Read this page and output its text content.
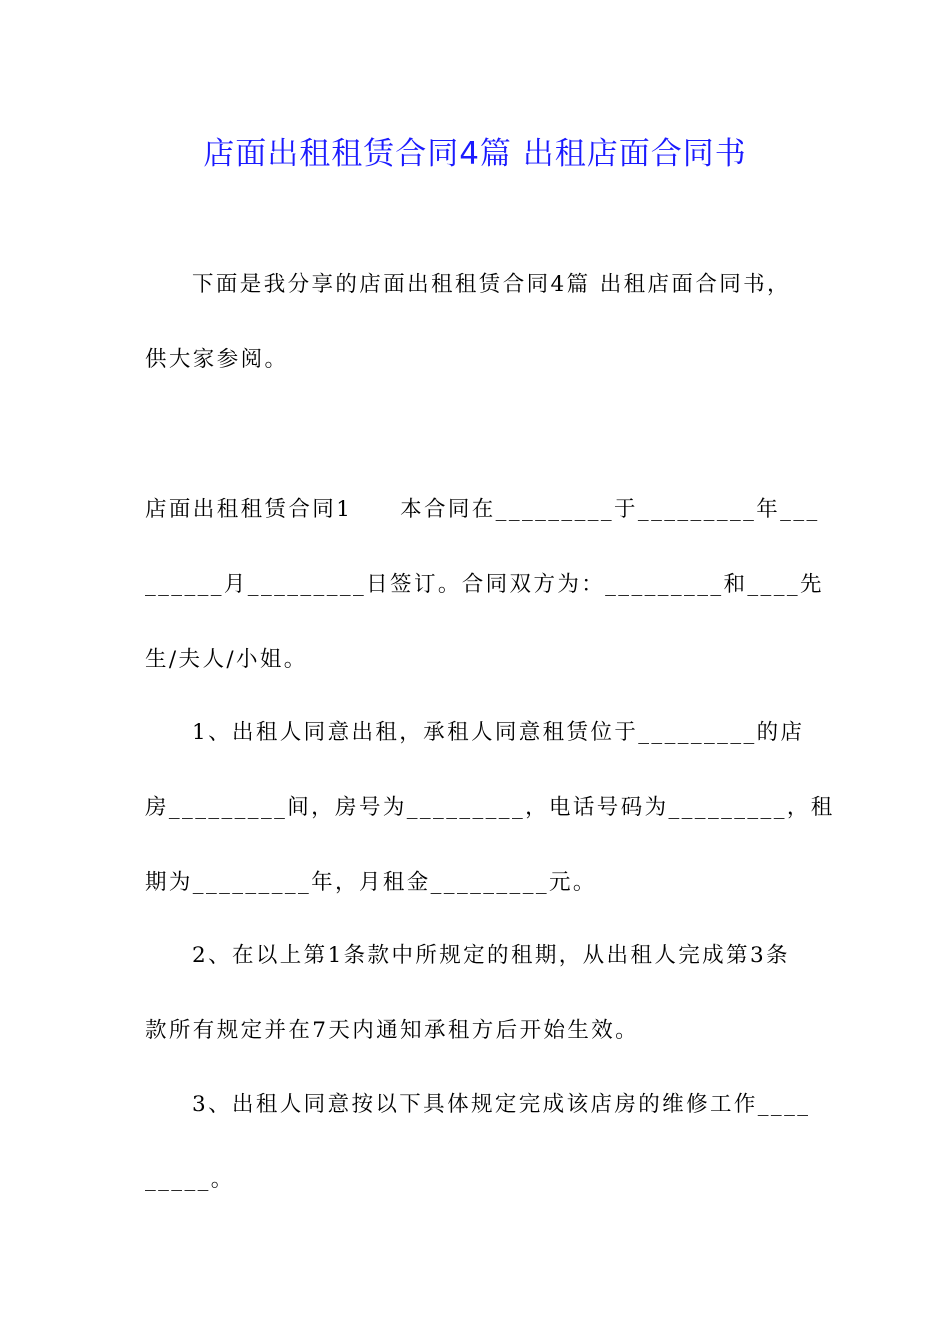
店面出租租赁合同4篇 出租店面合同书
下面是我分享的店面出租租赁合同4篇 出租店面合同书，
供大家参阅。
店面出租租赁合同1　　本合同在_________于_________年___
______月_________日签订。合同双方为：_________和____先
生/夫人/小姐。
1、出租人同意出租，承租人同意租赁位于_________的店
房_________间，房号为_________，电话号码为_________，租
期为_________年，月租金_________元。
2、在以上第1条款中所规定的租期，从出租人完成第3条
款所有规定并在7天内通知承租方后开始生效。
3、出租人同意按以下具体规定完成该店房的维修工作____
_____。
